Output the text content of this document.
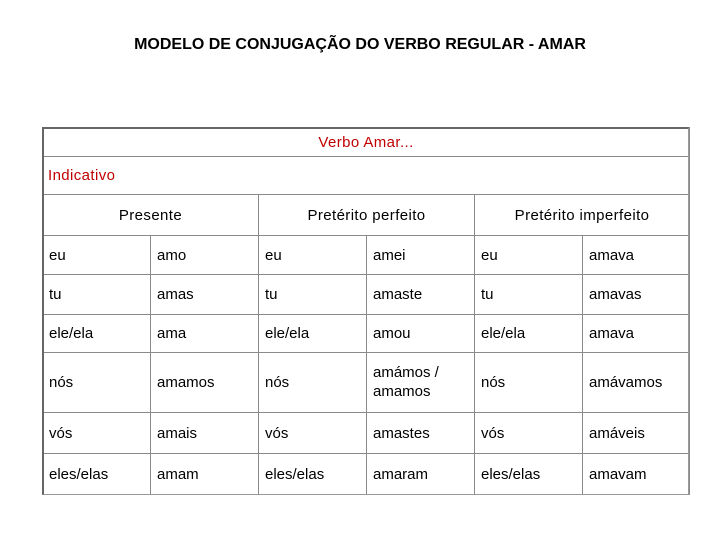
MODELO DE CONJUGAÇÃO DO VERBO REGULAR - AMAR
Verbo Amar...					
Indicativo					
Presente		Pretérito perfeito		Pretérito imperfeito	
eu	amo	eu	amei	eu	amava
tu	amas	tu	amaste	tu	amavas
ele/ela	ama	ele/ela	amou	ele/ela	amava
nós	amamos	nós	amámos / amamos	nós	amávamos
vós	amais	vós	amastes	vós	amáveis
eles/elas	amam	eles/elas	amaram	eles/elas	amavam
